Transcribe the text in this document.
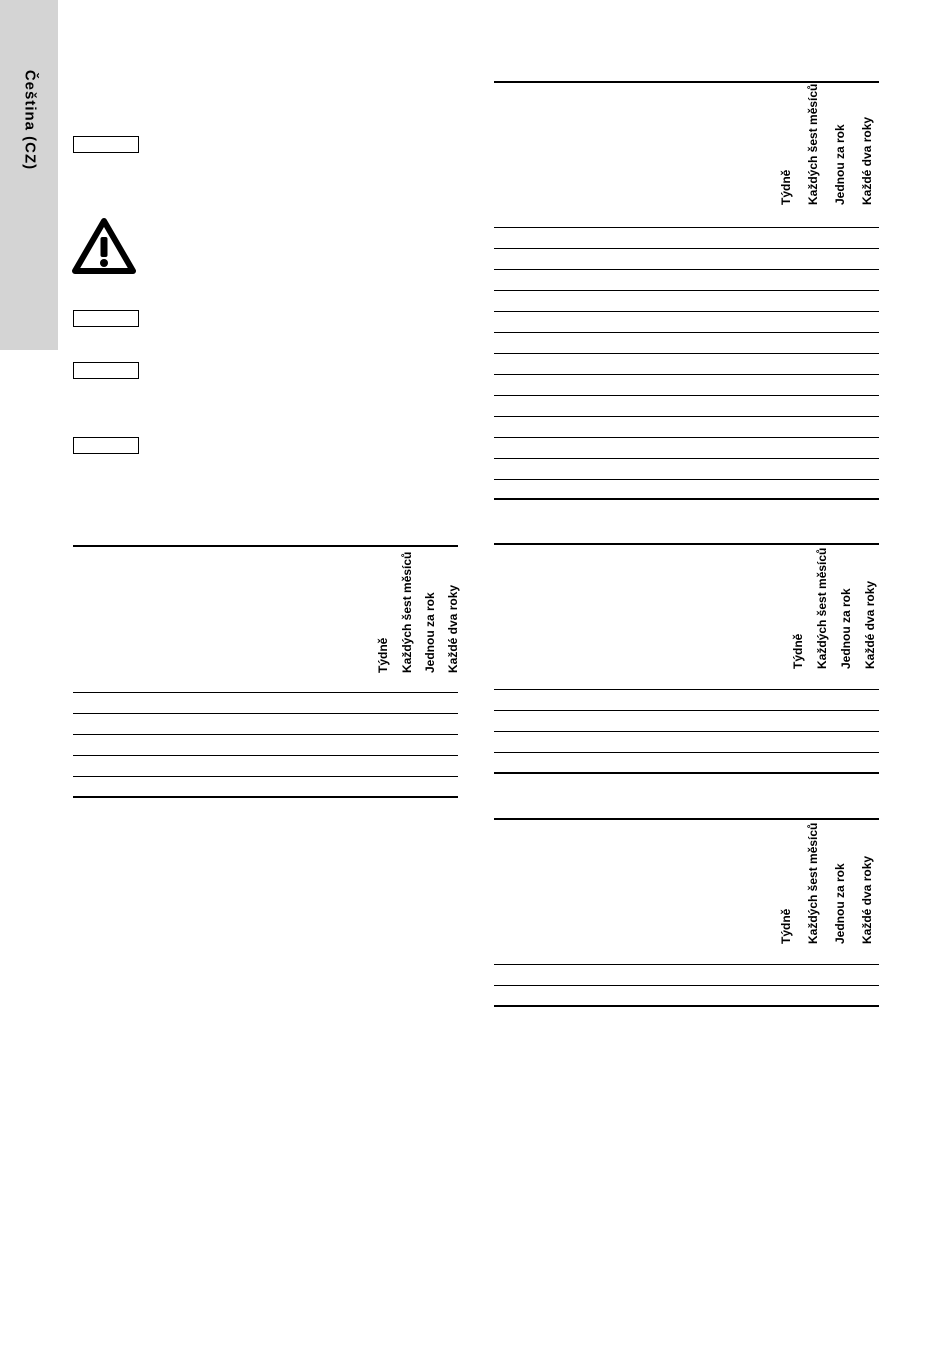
Čeština (CZ)
Týdně Každých šest měsíců Jednou za rok Každé dva roky
Týdně Každých šest měsíců Jednou za rok Každé dva roky
Týdně Každých šest měsíců Jednou za rok Každé dva roky
Týdně Každých šest měsíců Jednou za rok Každé dva roky
